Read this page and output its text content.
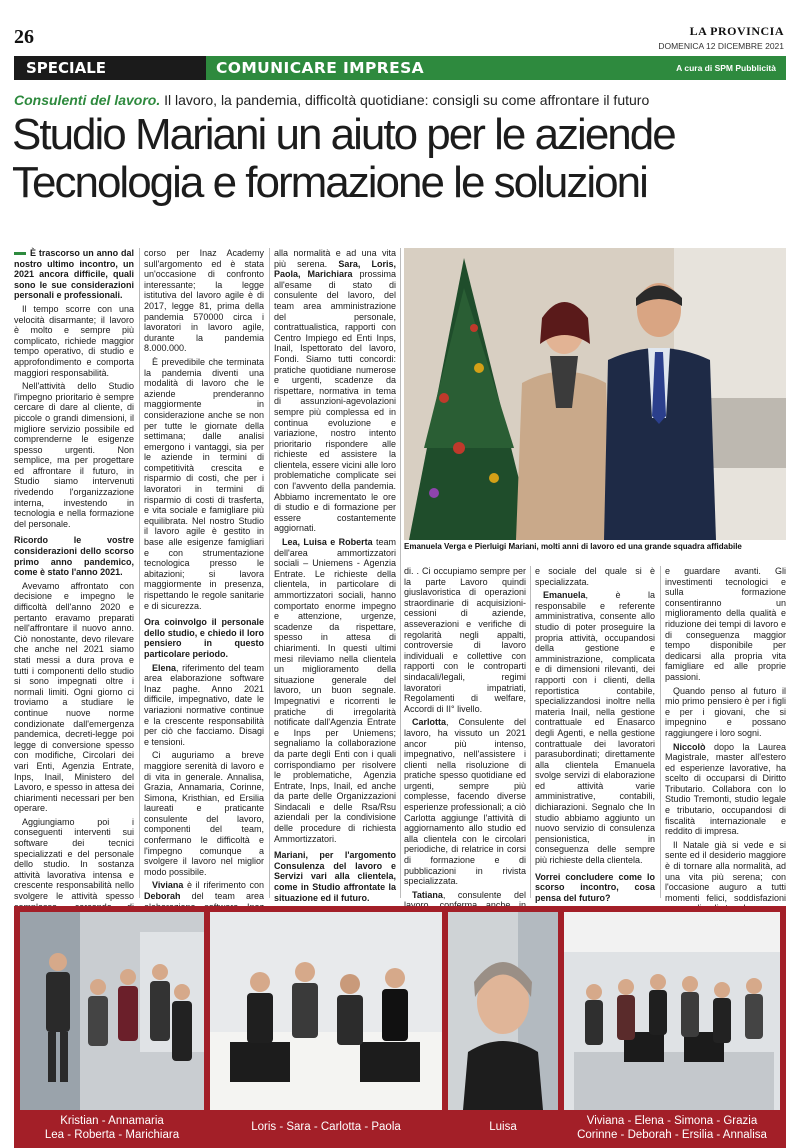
26	LA PROVINCIA
DOMENICA 12 DICEMBRE 2021
SPECIALE	COMUNICARE IMPRESA	A cura di SPM Pubblicità
Consulenti del lavoro. Il lavoro, la pandemia, difficoltà quotidiane: consigli su come affrontare il futuro
Studio Mariani un aiuto per le aziende
Tecnologia e formazione le soluzioni

È trascorso un anno dal nostro ultimo incontro, un 2021 ancora difficile, quali sono le sue considerazioni personali e professionali.

Il tempo scorre con una velocità disarmante; il lavoro è molto e sempre più complicato, richiede maggior tempo operativo, di studio e approfondimento e comporta maggiori responsabilità.

Nell'attività dello Studio l'impegno prioritario è sempre cercare di dare al cliente, di piccole o grandi dimensioni, il migliore servizio possibile ed comprenderne le esigenze spesso urgenti. Non semplice, ma per progettare ed affrontare il futuro, in Studio siamo intervenuti rivedendo l'organizzazione interna, investendo in tecnologia e nella formazione del personale.

Ricordo le vostre considerazioni dello scorso primo anno pandemico, come è stato l'anno 2021.

Avevamo affrontato con decisione e impegno le difficoltà dell'anno 2020 e pertanto eravamo preparati nell'affrontare il nuovo anno. Ciò nonostante, devo rilevare che anche nel 2021 siamo stati messi a dura prova e tutti i componenti dello studio si sono impegnati oltre i normali limiti. Ogni giorno ci troviamo a studiare le continue nuove norme condizionate dall'emergenza pandemica, decreti-legge poi legge di conversione spesso con modifiche, Circolari dei vari Enti, Agenzia Entrate, Inps, Inail, Ministero del Lavoro, e spesso in attesa dei chiarimenti necessari per ben operare.

Aggiungiamo poi i conseguenti interventi sui software dei tecnici specializzati e del personale dello studio. In sostanza attività lavorativa intensa e crescente responsabilità nello svolgere le attività spesso

corso per Inaz Academy sull'argomento ed è stata un'occasione di confronto interessante; la legge istitutiva del lavoro agile è di 2017, legge 81, prima della pandemia 570000 circa i lavoratori in lavoro agile, durante la pandemia 8.000.000.

È prevedibile che terminata la pandemia diventi una modalità di lavoro che le aziende prenderanno maggiormente in considerazione anche se non per tutte le giornate della settimana; dalle analisi emergono i vantaggi, sia per le aziende in termini di competitività crescita e risparmio di costi, che per i lavoratori in termini di risparmio di costi di trasferta, e vita sociale e famigliare più equilibrata. Nel nostro Studio il lavoro agile è gestito in base alle esigenze famigliari e con strumentazione tecnologica presso le abitazioni; si lavora maggiormente in presenza, rispettando le regole sanitarie e di sicurezza.

Ora coinvolgo il personale dello studio, e chiedo il loro pensiero in questo particolare periodo.

Elena, riferimento del team area elaborazione software Inaz paghe. Anno 2021 difficile, impegnativo, date le variazioni normative continue e la crescente responsabilità per ciò che facciamo. Disagi e tensioni.

Ci auguriamo a breve maggiore serenità di lavoro e di vita in generale. Annalisa, Grazia, Annamaria, Corinne, Simona, Kristhian, ed Ersilia laureati e praticante consulente del lavoro, componenti del team, confermano le difficoltà e l'impegno comunque a svolgere il lavoro nel miglior modo possibile.

Viviana è il riferimento con Deborah del team area

alla normalità e ad una vita più serena. Sara, Loris, Paola, Marichiara prossima all'esame di stato di consulente del lavoro, del team area amministrazione del personale, contrattualistica, rapporti con Centro Impiego ed Enti Inps, Inail, Ispettorato del lavoro, Fondi. Siamo tutti concordi: pratiche quotidiane numerose e urgenti, scadenze da rispettare, normativa in tema di assunzioni-agevolazioni sempre più complessa ed in continua evoluzione e variazione, nostro intento prioritario rispondere alle richieste ed assistere la clientela, essere vicini alle loro problematiche complicate sei con l'avvento della pandemia. Abbiamo incrementato le ore di studio e di formazione per essere costantemente aggiornati.

Lea, Luisa e Roberta team dell'area ammortizzatori sociali – Uniemens - Agenzia Entrate. Le richieste della clientela, in particolare di ammortizzatori sociali, hanno comportato enorme impegno e attenzione, urgenze, scadenze da rispettare, spesso in attesa di chiarimenti. In questi ultimi mesi rileviamo nella clientela un miglioramento della situazione generale del lavoro, un buon segnale. Impegnativi e ricorrenti le pratiche di irregolarità notificate dall'Agenzia Entrate e Inps per Uniemens; segnaliamo la collaborazione da parte degli Enti con i quali corrispondiamo per risolvere le problematiche, Agenzia Entrate, Inps, Inail, ed anche da parte delle Organizzazioni Sindacali e delle Rsa/Rsu aziendali per la condivisione delle procedure di richiesta Ammortizzatori.

Mariani, per l'argomento Consulenza del lavoro e Servizi vari alla clientela, come in Studio affrontate la situazione ed il futuro.

Emanuela Verga e Pierluigi Mariani, molti anni di lavoro ed una grande squadra affidabile

di. . Ci occupiamo sempre per la parte Lavoro quindi giuslavoristica di operazioni straordinarie di acquisizioni-cessioni di aziende, asseverazioni e verifiche di regolarità negli appalti, controversie di lavoro individuali e collettive con rapporti con le controparti sindacali/legali, regimi lavoratori impatriati, Regolamenti di welfare, Accordi di II° livello.

Carlotta, Consulente del lavoro, ha vissuto un 2021 ancor più intenso, impegnativo, nell'assistere i clienti nella risoluzione di pratiche spesso quotidiane ed urgenti, sempre più complesse, facendo diverse esperienze professionali; a ciò Carlotta aggiunge l'attività di aggiornamento allo studio ed alla clientela con le circolari periodiche, di relatrice in corsi di formazione e di pubblicazioni in rivista specializzata.

Tatiana, consulente del

e sociale del quale si è specializzata.

Emanuela, è la responsabile e referente amministrativa, consente allo studio di poter proseguire la propria attività, occupandosi della gestione e amministrazione, complicata e di dimensioni rilevanti, dei rapporti con i clienti, della reportistica contabile, specializzandosi inoltre nella materia Inail, nella gestione contrattuale ed Enasarco degli Agenti, e nella gestione contrattuale dei lavoratori parasubordinati; direttamente alla clientela Emanuela svolge servizi di elaborazione ed attività varie amministrative, contabili, dichiarazioni. Segnalo che In studio abbiamo aggiunto un nuovo servizio di consulenza pensionistica, in conseguenza delle sempre più richieste della clientela.

Vorrei concludere come lo scorso incontro, cosa pensa del futuro?

e guardare avanti. Gli investimenti tecnologici e sulla formazione consentiranno un miglioramento della qualità e riduzione dei tempi di lavoro e di conseguenza maggior tempo disponibile per dedicarsi alla propria vita famigliare ed alle proprie passioni.

Quando penso al futuro il mio primo pensiero è per i figli e per i giovani, che si impegnino e possano raggiungere i loro sogni.

Niccolò dopo la Laurea Magistrale, master all'estero ed esperienze lavorative, ha scelto di occuparsi di Diritto Tributario. Collabora con lo Studio Tremonti, studio legale e tributario, occupandosi di fiscalità internazionale e reddito di impresa.

Il Natale già si vede e si sente ed il desiderio maggiore è di tornare alla normalità, ad una vita più serena; con l'occasione auguro a tutti momenti felici, soddisfazioni

Kristian - Annamaria
Lea - Roberta - Marichiara
Loris - Sara - Carlotta - Paola	Luisa	Viviana - Elena - Simona - Grazia
Corinne - Deborah - Ersilia - Annalisa
